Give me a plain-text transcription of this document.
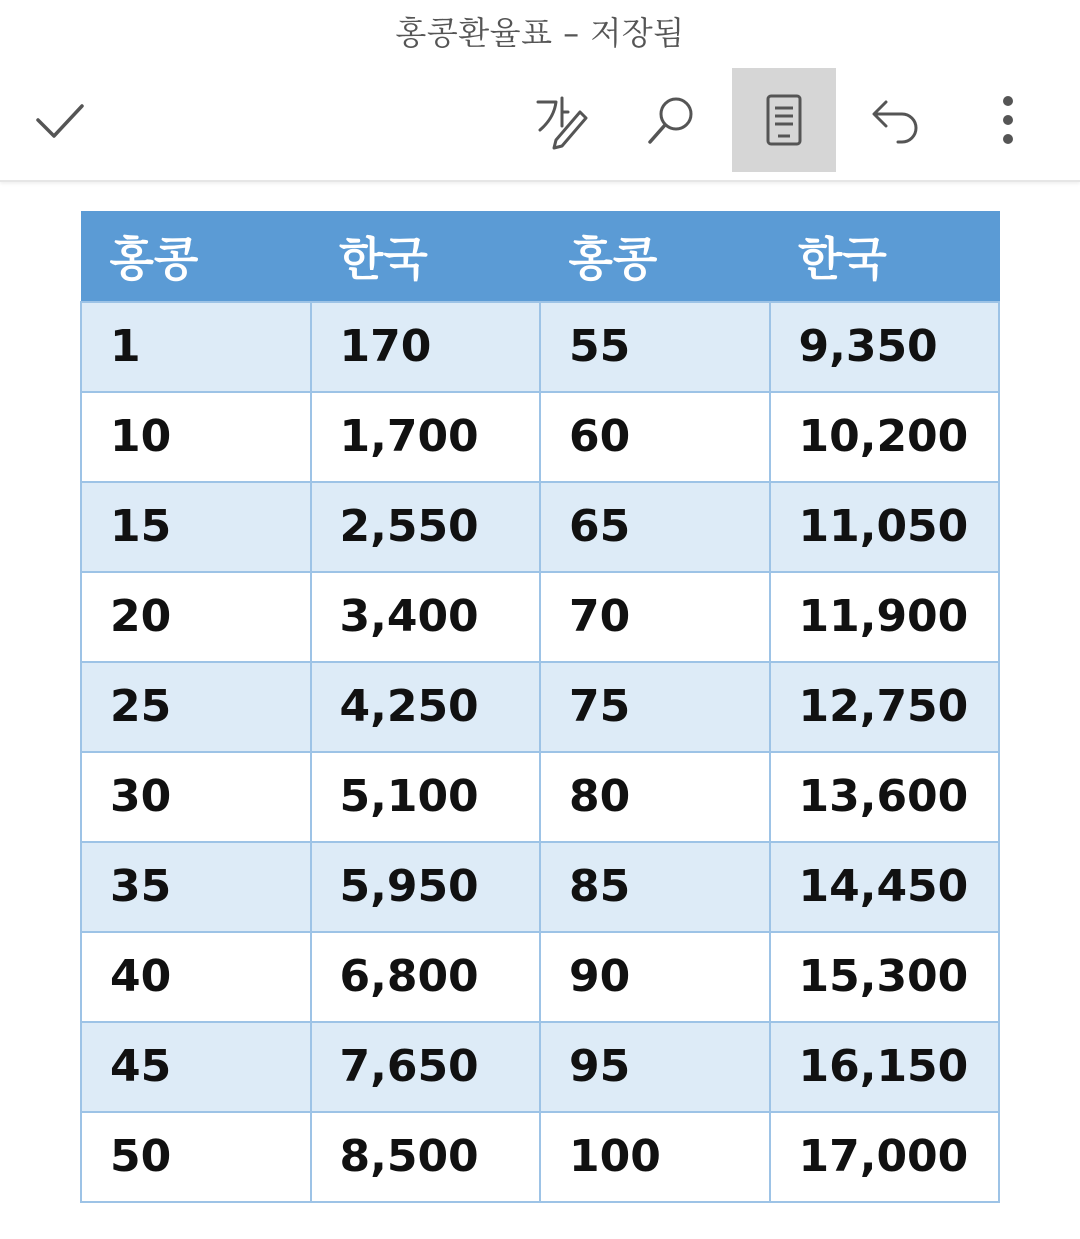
홍콩환율표 – 저장됨
홍콩	한국	홍콩	한국
1	170	55	9,350
10	1,700	60	10,200
15	2,550	65	11,050
20	3,400	70	11,900
25	4,250	75	12,750
30	5,100	80	13,600
35	5,950	85	14,450
40	6,800	90	15,300
45	7,650	95	16,150
50	8,500	100	17,000
